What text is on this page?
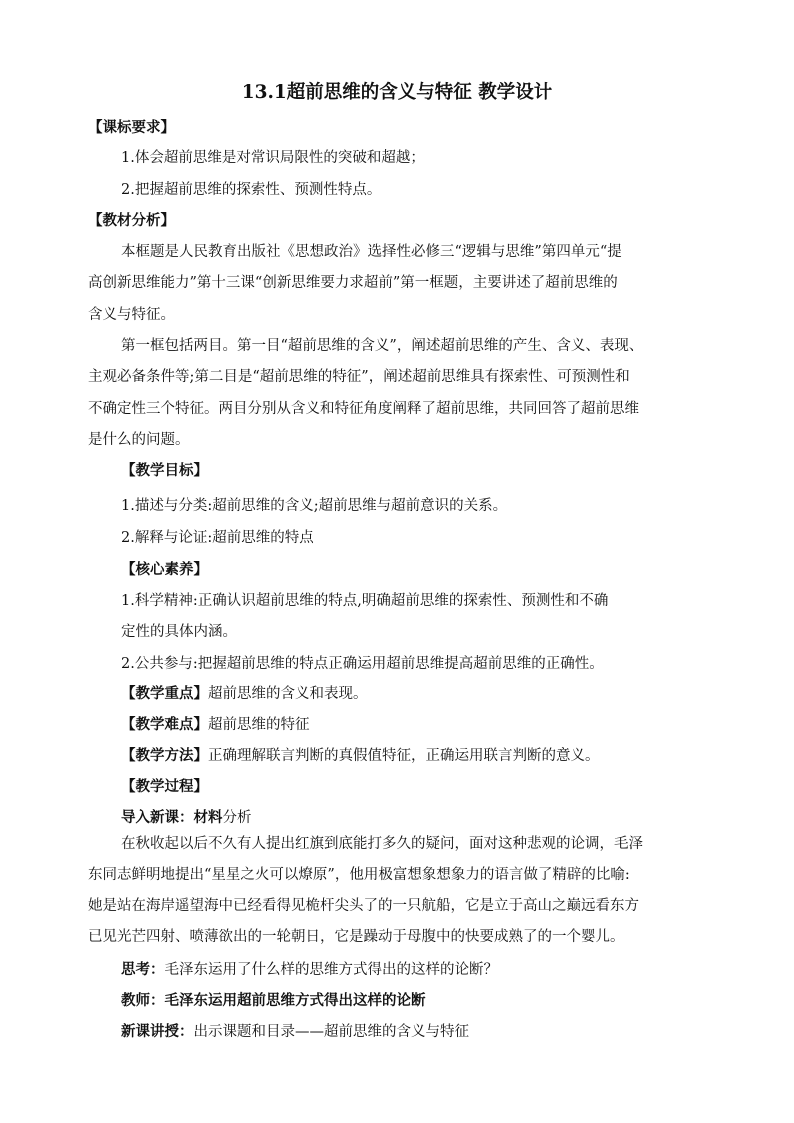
13.1超前思维的含义与特征 教学设计
【课标要求】
1.体会超前思维是对常识局限性的突破和超越；
2.把握超前思维的探索性、预测性特点。
【教材分析】
本框题是人民教育出版社《思想政治》选择性必修三“逻辑与思维”第四单元“提
高创新思维能力”第十三课“创新思维要力求超前”第一框题，主要讲述了超前思维的
含义与特征。
第一框包括两目。第一目“超前思维的含义”，阐述超前思维的产生、含义、表现、
主观必备条件等;第二目是“超前思维的特征”，阐述超前思维具有探索性、可预测性和
不确定性三个特征。两目分别从含义和特征角度阐释了超前思维，共同回答了超前思维
是什么的问题。
【教学目标】
1.描述与分类:超前思维的含义;超前思维与超前意识的关系。
2.解释与论证:超前思维的特点
【核心素养】
1.科学精神:正确认识超前思维的特点,明确超前思维的探索性、预测性和不确
定性的具体内涵。
2.公共参与:把握超前思维的特点正确运用超前思维提高超前思维的正确性。
【教学重点】超前思维的含义和表现。
【教学难点】超前思维的特征
【教学方法】正确理解联言判断的真假值特征，正确运用联言判断的意义。
【教学过程】
导入新课：材料分析
在秋收起以后不久有人提出红旗到底能打多久的疑问，面对这种悲观的论调，毛泽
东同志鲜明地提出“星星之火可以燎原”，他用极富想象想象力的语言做了精辟的比喻:
她是站在海岸遥望海中已经看得见桅杆尖头了的一只航船，它是立于高山之巅远看东方
已见光芒四射、喷薄欲出的一轮朝日，它是躁动于母腹中的快要成熟了的一个婴儿。
思考：毛泽东运用了什么样的思维方式得出的这样的论断？
教师：毛泽东运用超前思维方式得出这样的论断
新课讲授：出示课题和目录——超前思维的含义与特征
